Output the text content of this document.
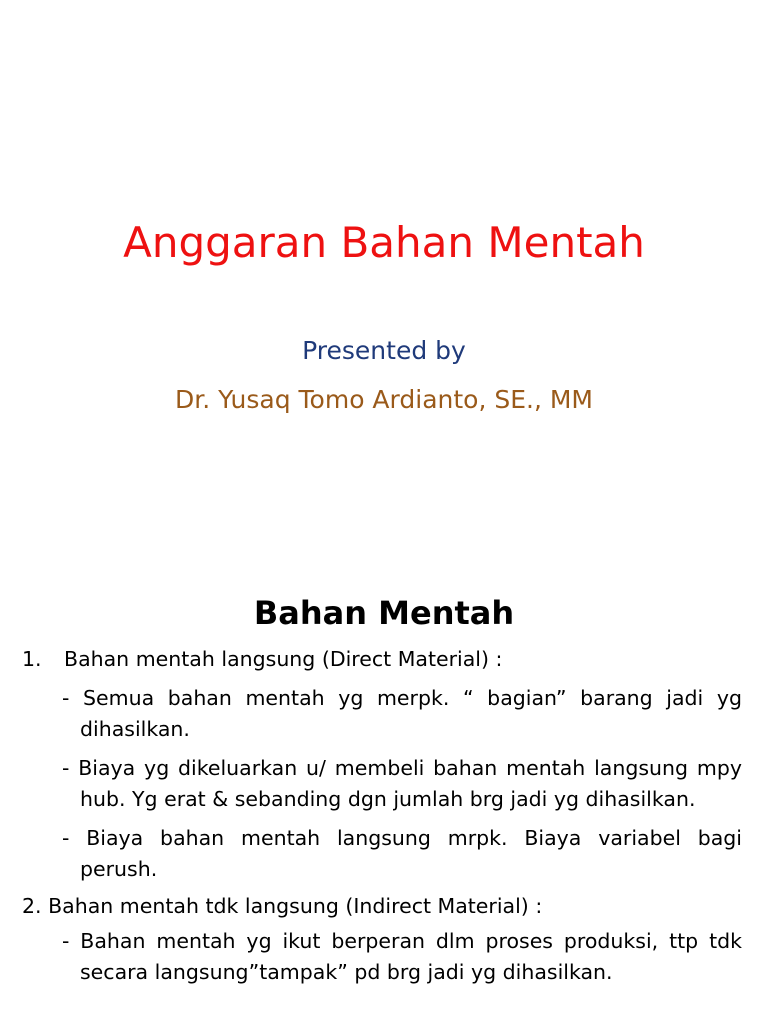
Anggaran Bahan Mentah
Presented by
Dr. Yusaq Tomo Ardianto, SE., MM
Bahan Mentah
1. Bahan mentah langsung (Direct Material) :
- Semua bahan mentah yg merpk. “ bagian” barang jadi yg dihasilkan.
- Biaya yg dikeluarkan u/ membeli bahan mentah langsung mpy hub. Yg erat & sebanding dgn jumlah brg jadi yg dihasilkan.
- Biaya bahan mentah langsung mrpk. Biaya variabel bagi perush.
2. Bahan mentah tdk langsung (Indirect Material) :
- Bahan mentah yg ikut berperan dlm proses produksi, ttp tdk secara langsung”tampak” pd brg jadi yg dihasilkan.
